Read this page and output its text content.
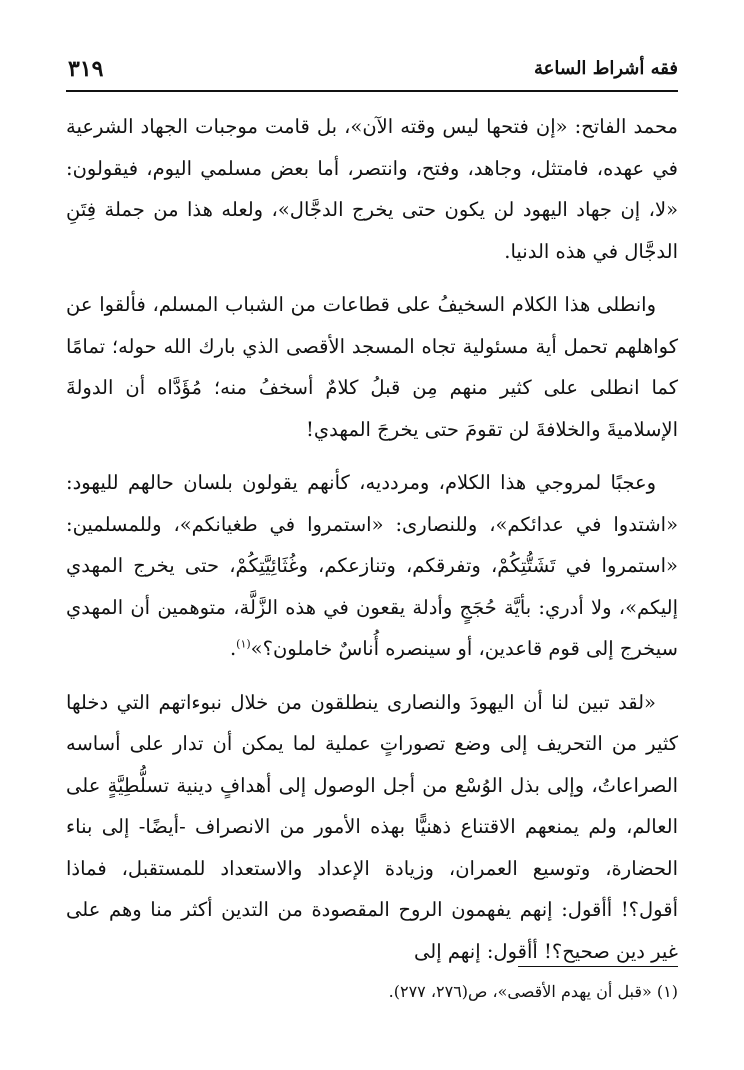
فقه أشراط الساعة
٣١٩

محمد الفاتح: «إن فتحها ليس وقته الآن»، بل قامت موجبات الجهاد الشرعية في عهده، فامتثل، وجاهد، وفتح، وانتصر، أما بعض مسلمي اليوم، فيقولون: «لا، إن جهاد اليهود لن يكون حتى يخرج الدجَّال»، ولعله هذا من جملة فِتَنِ الدجَّال في هذه الدنيا.

وانطلى هذا الكلام السخيفُ على قطاعات من الشباب المسلم، فألقوا عن كواهلهم تحمل أية مسئولية تجاه المسجد الأقصى الذي بارك الله حوله؛ تمامًا كما انطلى على كثير منهم مِن قبلُ كلامٌ أسخفُ منه؛ مُؤَدَّاه أن الدولةَ الإسلاميةَ والخلافةَ لن تقومَ حتى يخرجَ المهدي!

وعجبًا لمروجي هذا الكلام، ومردديه، كأنهم يقولون بلسان حالهم لليهود: «اشتدوا في عدائكم»، وللنصارى: «استمروا في طغيانكم»، وللمسلمين: «استمروا في تَشَتُّتِكُمْ، وتفرقكم، وتنازعكم، وغُثَائِيَّتِكُمْ، حتى يخرج المهدي إليكم»، ولا أدري: بأيَّة حُجَجٍ وأدلة يقعون في هذه الزَّلَّة، متوهمين أن المهدي سيخرج إلى قوم قاعدين، أو سينصره أُناسٌ خاملون؟»$^{(١)}$.

«لقد تبين لنا أن اليهودَ والنصارى ينطلقون من خلال نبوءاتهم التي دخلها كثير من التحريف إلى وضع تصوراتٍ عملية لما يمكن أن تدار على أساسه الصراعاتُ، وإلى بذل الوُسْع من أجل الوصول إلى أهدافٍ دينية تسلُّطِيَّةٍ على العالم، ولم يمنعهم الاقتناع ذهنيًّا بهذه الأمور من الانصراف -أيضًا- إلى بناء الحضارة، وتوسيع العمران، وزيادة الإعداد والاستعداد للمستقبل، فماذا أقول؟! أأقول: إنهم يفهمون الروح المقصودة من التدين أكثر منا وهم على غير دين صحيح؟! أأقول: إنهم إلى

(١) «قبل أن يهدم الأقصى»، ص(٢٧٦، ٢٧٧).
